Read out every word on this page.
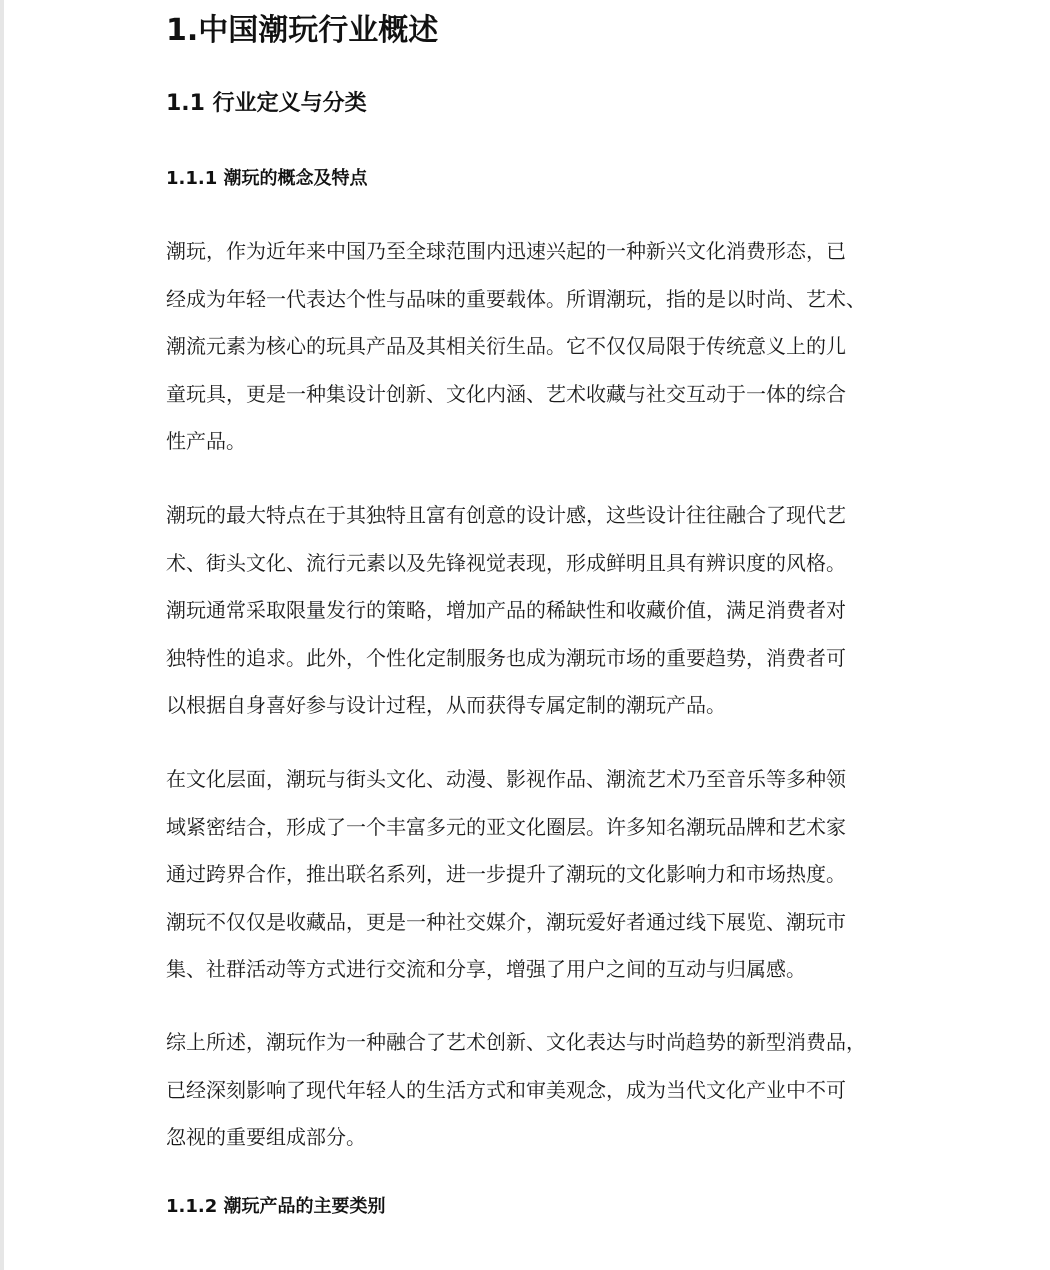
1.中国潮玩行业概述
1.1 行业定义与分类
1.1.1 潮玩的概念及特点

潮玩，作为近年来中国乃至全球范围内迅速兴起的一种新兴文化消费形态，已
经成为年轻一代表达个性与品味的重要载体。所谓潮玩，指的是以时尚、艺术、
潮流元素为核心的玩具产品及其相关衍生品。它不仅仅局限于传统意义上的儿
童玩具，更是一种集设计创新、文化内涵、艺术收藏与社交互动于一体的综合
性产品。

潮玩的最大特点在于其独特且富有创意的设计感，这些设计往往融合了现代艺
术、街头文化、流行元素以及先锋视觉表现，形成鲜明且具有辨识度的风格。
潮玩通常采取限量发行的策略，增加产品的稀缺性和收藏价值，满足消费者对
独特性的追求。此外，个性化定制服务也成为潮玩市场的重要趋势，消费者可
以根据自身喜好参与设计过程，从而获得专属定制的潮玩产品。

在文化层面，潮玩与街头文化、动漫、影视作品、潮流艺术乃至音乐等多种领
域紧密结合，形成了一个丰富多元的亚文化圈层。许多知名潮玩品牌和艺术家
通过跨界合作，推出联名系列，进一步提升了潮玩的文化影响力和市场热度。
潮玩不仅仅是收藏品，更是一种社交媒介，潮玩爱好者通过线下展览、潮玩市
集、社群活动等方式进行交流和分享，增强了用户之间的互动与归属感。

综上所述，潮玩作为一种融合了艺术创新、文化表达与时尚趋势的新型消费品，
已经深刻影响了现代年轻人的生活方式和审美观念，成为当代文化产业中不可
忽视的重要组成部分。

1.1.2 潮玩产品的主要类别
